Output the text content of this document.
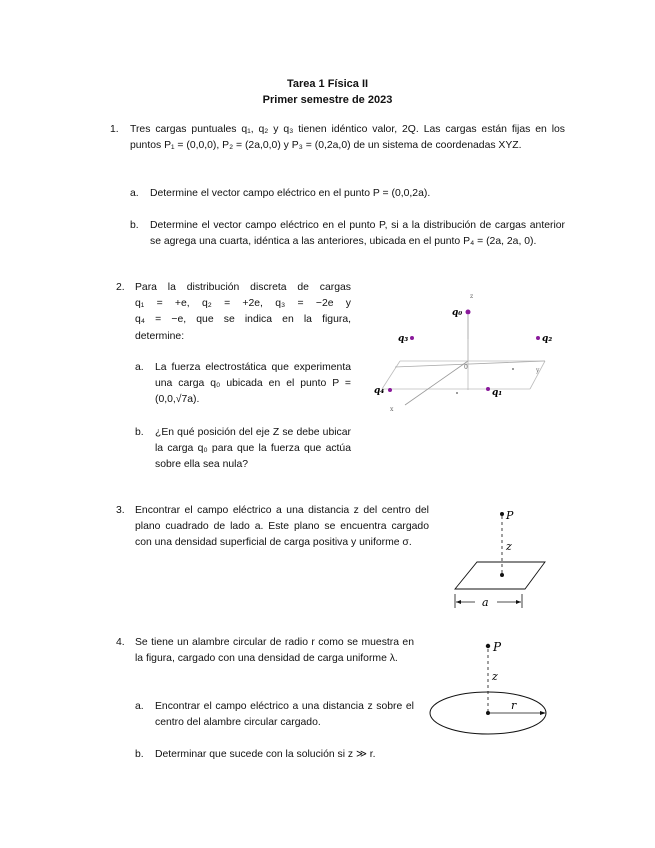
Tarea 1 Física II
Primer semestre de 2023
1. Tres cargas puntuales q₁, q₂ y q₃ tienen idéntico valor, 2Q. Las cargas están fijas en los puntos P₁ = (0,0,0), P₂ = (2a,0,0) y P₃ = (0,2a,0) de un sistema de coordenadas XYZ.
a. Determine el vector campo eléctrico en el punto P = (0,0,2a).
b. Determine el vector campo eléctrico en el punto P, si a la distribución de cargas anterior se agrega una cuarta, idéntica a las anteriores, ubicada en el punto P₄ = (2a, 2a, 0).
2. Para la distribución discreta de cargas
q₁ = +e, q₂ = +2e, q₃ = −2e y
q₄ = −e, que se indica en la figura,
determine:
a. La fuerza electrostática que experimenta una carga q₀ ubicada en el punto P = (0,0,√7a).
b. ¿En qué posición del eje Z se debe ubicar la carga q₀ para que la fuerza que actúa sobre ella sea nula?
z
x
y
0
q₀
q₃	q₂
q₄	q₁
3. Encontrar el campo eléctrico a una distancia z del centro del plano cuadrado de lado a. Este plano se encuentra cargado con una densidad superficial de carga positiva y uniforme σ.
P
z
a
4. Se tiene un alambre circular de radio r como se muestra en la figura, cargado con una densidad de carga uniforme λ.
a. Encontrar el campo eléctrico a una distancia z sobre el centro del alambre circular cargado.
b. Determinar que sucede con la solución si z ≫ r.
P
z
r
